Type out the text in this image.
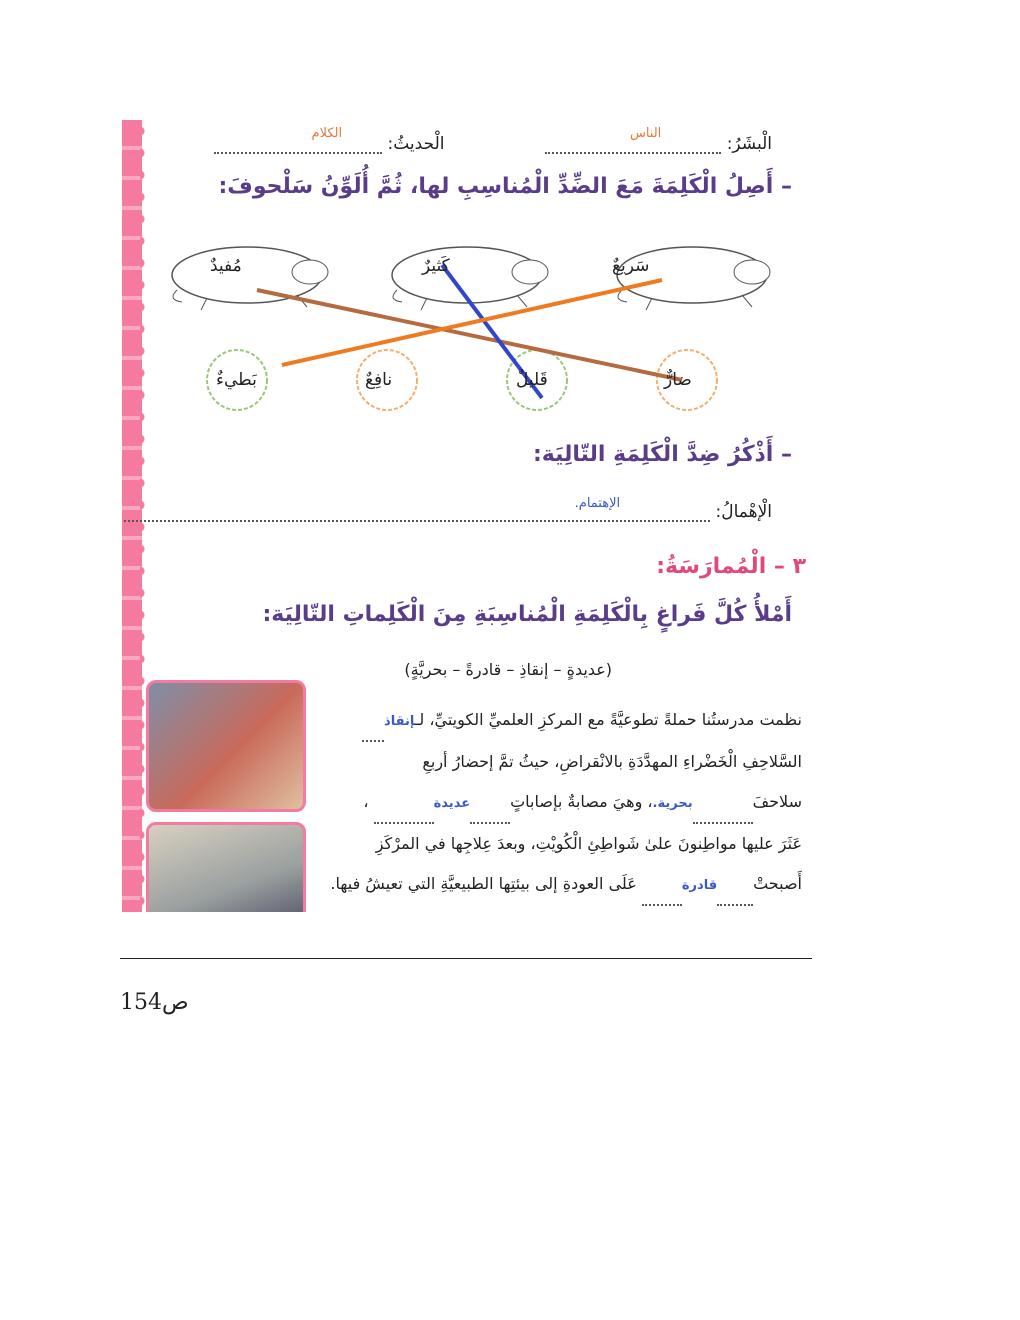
الْبشَرُ:
الناس
الْحديثُ:
الكلام
– أَصِلُ الْكَلِمَةَ مَعَ الضِّدِّ الْمُناسِبِ لها، ثُمَّ أُلَوِّنُ سَلْحوفَ:
سَريعٌ
كَثيرٌ
مُفيدٌ
ضارٌّ
قَليلٌ
نافِعٌ
بَطيءٌ
– أَذْكُرُ ضِدَّ الْكَلِمَةِ التّالِيَة:
الْإهْمالُ:
الإهتمام.
٣ – الْمُمارَسَةُ:
أَمْلأُ كُلَّ فَراغٍ بِالْكَلِمَةِ الْمُناسِبَةِ مِنَ الْكَلِماتِ التّالِيَة:
(عديدةٍ – إنقاذِ – قادرةً – بحريَّةٍ)
نظمت مدرستُنا حملةً تطوعيَّةً مع المركزِ العلميِّ الكويتيِّ، لـإنقاذ
السَّلاحِفِ الْخَضْراءِ المهدَّدَةِ بالانْقراضِ، حيثُ تمَّ إحضارُ أربعِ
سلاحفَبحرية.، وهيَ مصابةٌ بإصاباتٍعديدة ،
عَثَرَ عليها مواطِنونَ علىٰ شَواطِئِ الْكُويْتِ، وبعدَ عِلاجِها في المرْكَزِ
أَصبحتْقادرة عَلَى العودةِ إلى بيئتِها الطبيعيَّةِ التي تعيشُ فيها.
154ص
